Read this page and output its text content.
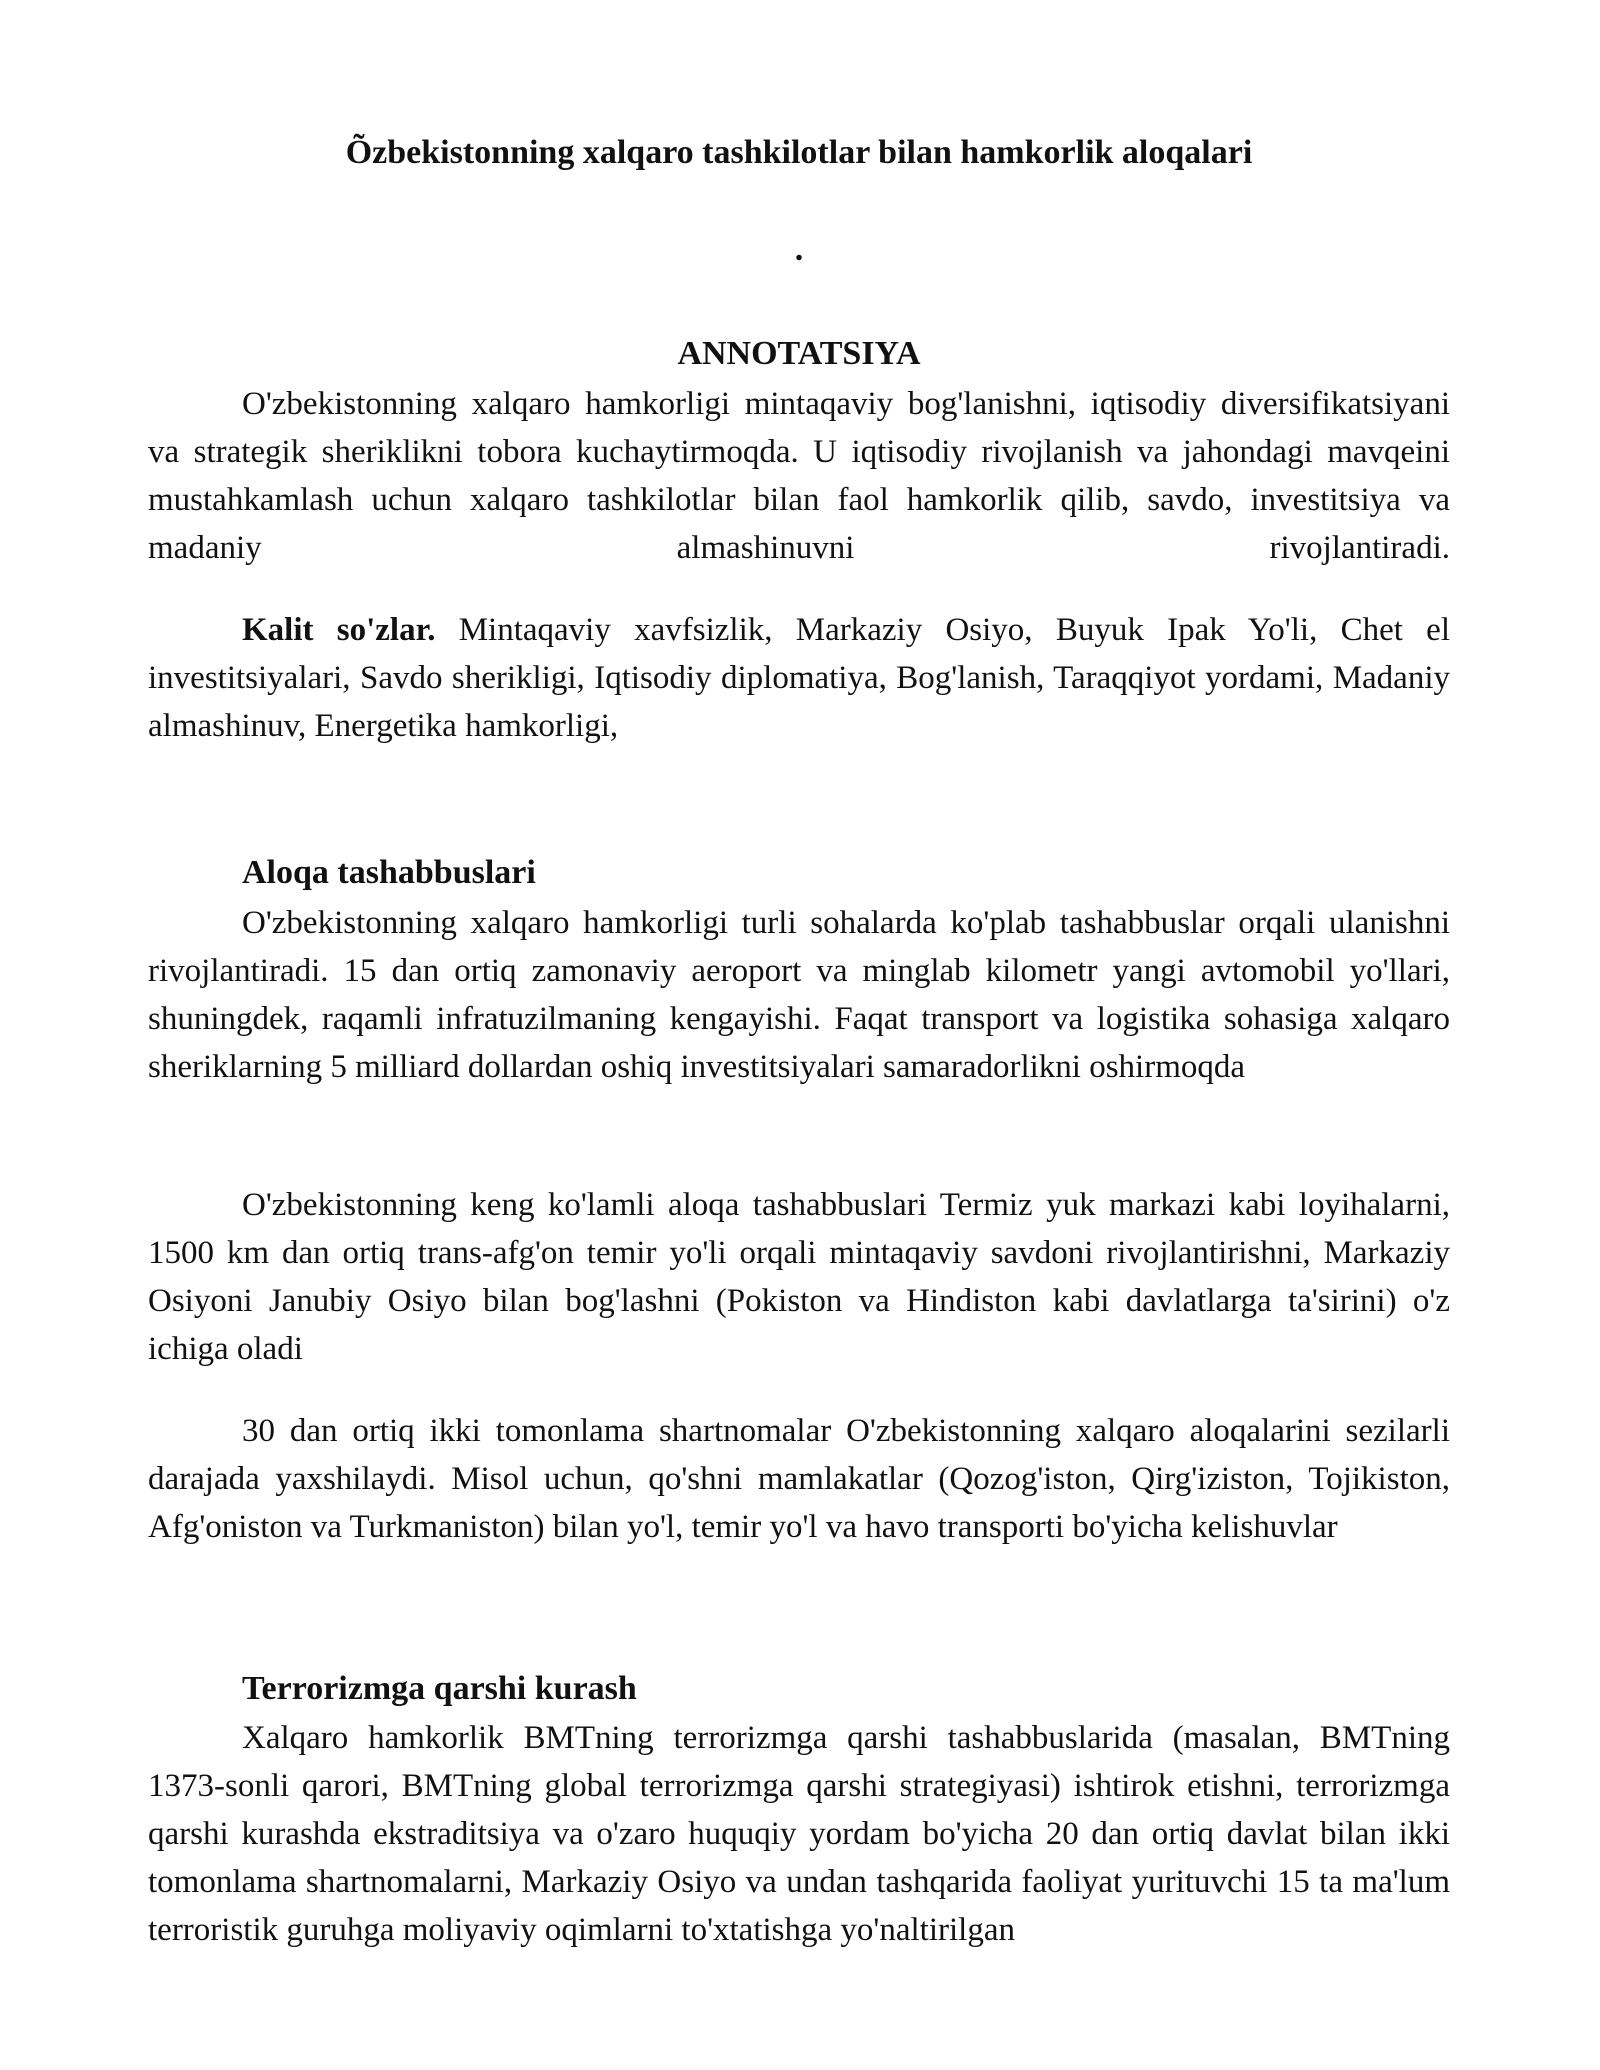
Õzbekistonning xalqaro tashkilotlar bilan hamkorlik aloqalari

.

ANNOTATSIYA

O'zbekistonning xalqaro hamkorligi mintaqaviy bog'lanishni, iqtisodiy diversifikatsiyani va strategik sheriklikni tobora kuchaytirmoqda. U iqtisodiy rivojlanish va jahondagi mavqeini mustahkamlash uchun xalqaro tashkilotlar bilan faol hamkorlik qilib, savdo, investitsiya va madaniy almashinuvni rivojlantiradi.

Kalit so'zlar. Mintaqaviy xavfsizlik, Markaziy Osiyo, Buyuk Ipak Yo'li, Chet el investitsiyalari, Savdo sherikligi, Iqtisodiy diplomatiya, Bog'lanish, Taraqqiyot yordami, Madaniy almashinuv, Energetika hamkorligi,

Aloqa tashabbuslari

O'zbekistonning xalqaro hamkorligi turli sohalarda ko'plab tashabbuslar orqali ulanishni rivojlantiradi. 15 dan ortiq zamonaviy aeroport va minglab kilometr yangi avtomobil yo'llari, shuningdek, raqamli infratuzilmaning kengayishi. Faqat transport va logistika sohasiga xalqaro sheriklarning 5 milliard dollardan oshiq investitsiyalari samaradorlikni oshirmoqda

O'zbekistonning keng ko'lamli aloqa tashabbuslari Termiz yuk markazi kabi loyihalarni, 1500 km dan ortiq trans-afg'on temir yo'li orqali mintaqaviy savdoni rivojlantirishni, Markaziy Osiyoni Janubiy Osiyo bilan bog'lashni (Pokiston va Hindiston kabi davlatlarga ta'sirini) o'z ichiga oladi

30 dan ortiq ikki tomonlama shartnomalar O'zbekistonning xalqaro aloqalarini sezilarli darajada yaxshilaydi. Misol uchun, qo'shni mamlakatlar (Qozog'iston, Qirg'iziston, Tojikiston, Afg'oniston va Turkmaniston) bilan yo'l, temir yo'l va havo transporti bo'yicha kelishuvlar

Terrorizmga qarshi kurash

Xalqaro hamkorlik BMTning terrorizmga qarshi tashabbuslarida (masalan, BMTning 1373-sonli qarori, BMTning global terrorizmga qarshi strategiyasi) ishtirok etishni, terrorizmga qarshi kurashda ekstraditsiya va o'zaro huquqiy yordam bo'yicha 20 dan ortiq davlat bilan ikki tomonlama shartnomalarni, Markaziy Osiyo va undan tashqarida faoliyat yurituvchi 15 ta ma'lum terroristik guruhga moliyaviy oqimlarni to'xtatishga yo'naltirilgan
